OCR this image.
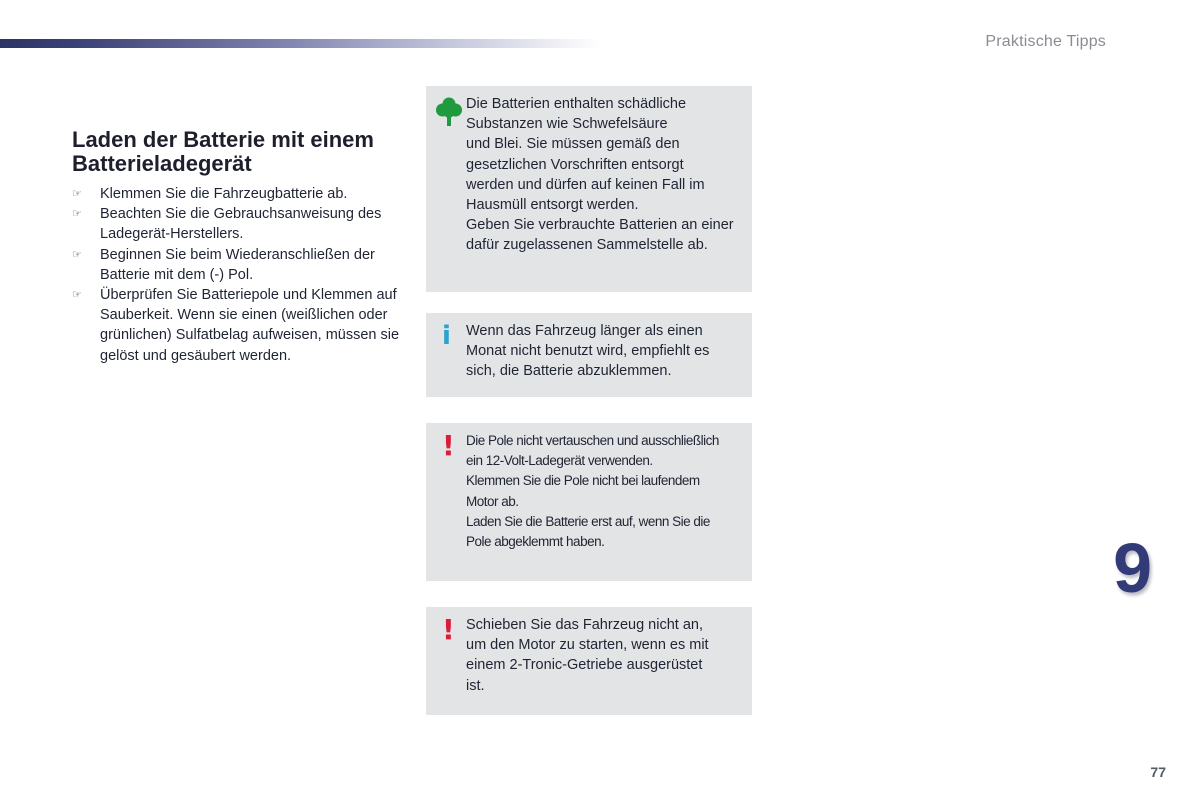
Praktische Tipps
Laden der Batterie mit einem Batterieladegerät
☞ Klemmen Sie die Fahrzeugbatterie ab.
☞ Beachten Sie die Gebrauchsanweisung des Ladegerät-Herstellers.
☞ Beginnen Sie beim Wiederanschließen der Batterie mit dem (-) Pol.
☞ Überprüfen Sie Batteriepole und Klemmen auf Sauberkeit. Wenn sie einen (weißlichen oder grünlichen) Sulfatbelag aufweisen, müssen sie gelöst und gesäubert werden.
Die Batterien enthalten schädliche
Substanzen wie Schwefelsäure
und Blei. Sie müssen gemäß den
gesetzlichen Vorschriften entsorgt
werden und dürfen auf keinen Fall im
Hausmüll entsorgt werden.
Geben Sie verbrauchte Batterien an einer
dafür zugelassenen Sammelstelle ab.
i Wenn das Fahrzeug länger als einen
Monat nicht benutzt wird, empfiehlt es
sich, die Batterie abzuklemmen.
! Die Pole nicht vertauschen und ausschließlich
ein 12-Volt-Ladegerät verwenden.
Klemmen Sie die Pole nicht bei laufendem
Motor ab.
Laden Sie die Batterie erst auf, wenn Sie die
Pole abgeklemmt haben.
! Schieben Sie das Fahrzeug nicht an,
um den Motor zu starten, wenn es mit
einem 2-Tronic-Getriebe ausgerüstet
ist.
9
77
